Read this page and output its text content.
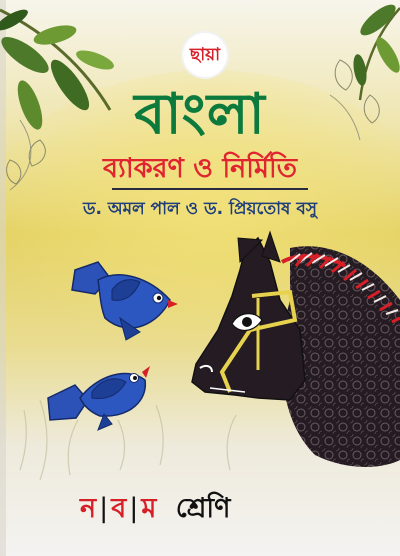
ছায়া
বাংলা
ব্যাকরণ ও নির্মিতি
ড. অমল পাল ও ড. প্রিয়তোষ বসু
ন | ব | ম শ্রেণি
